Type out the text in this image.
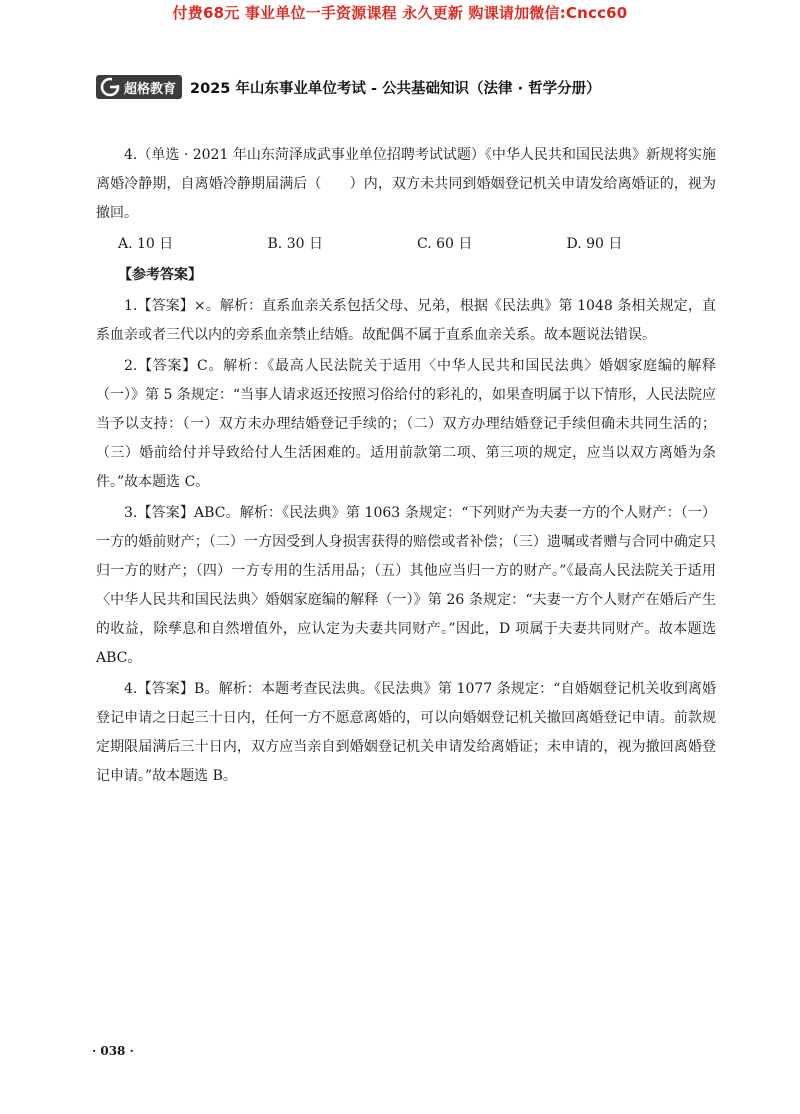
付费68元 事业单位一手资源课程 永久更新 购课请加微信:Cncc60
超格教育 2025 年山东事业单位考试 - 公共基础知识（法律 · 哲学分册）

4.（单选 · 2021 年山东菏泽成武事业单位招聘考试试题）《中华人民共和国民法典》新规将实施离婚冷静期，自离婚冷静期届满后（　　）内，双方未共同到婚姻登记机关申请发给离婚证的，视为撤回。

A. 10 日	B. 30 日	C. 60 日	D. 90 日
【参考答案】

1.【答案】×。解析：直系血亲关系包括父母、兄弟，根据《民法典》第 1048 条相关规定，直系血亲或者三代以内的旁系血亲禁止结婚。故配偶不属于直系血亲关系。故本题说法错误。

2.【答案】C。解析：《最高人民法院关于适用〈中华人民共和国民法典〉婚姻家庭编的解释（一）》第 5 条规定：“当事人请求返还按照习俗给付的彩礼的，如果查明属于以下情形，人民法院应当予以支持：（一）双方未办理结婚登记手续的；（二）双方办理结婚登记手续但确未共同生活的；（三）婚前给付并导致给付人生活困难的。适用前款第二项、第三项的规定，应当以双方离婚为条件。”故本题选 C。

3.【答案】ABC。解析：《民法典》第 1063 条规定：“下列财产为夫妻一方的个人财产：（一）一方的婚前财产；（二）一方因受到人身损害获得的赔偿或者补偿；（三）遗嘱或者赠与合同中确定只归一方的财产；（四）一方专用的生活用品；（五）其他应当归一方的财产。”《最高人民法院关于适用〈中华人民共和国民法典〉婚姻家庭编的解释（一）》第 26 条规定：“夫妻一方个人财产在婚后产生的收益，除孳息和自然增值外，应认定为夫妻共同财产。”因此，D 项属于夫妻共同财产。故本题选 ABC。

4.【答案】B。解析：本题考查民法典。《民法典》第 1077 条规定：“自婚姻登记机关收到离婚登记申请之日起三十日内，任何一方不愿意离婚的，可以向婚姻登记机关撤回离婚登记申请。前款规定期限届满后三十日内，双方应当亲自到婚姻登记机关申请发给离婚证；未申请的，视为撤回离婚登记申请。”故本题选 B。

· 038 ·
